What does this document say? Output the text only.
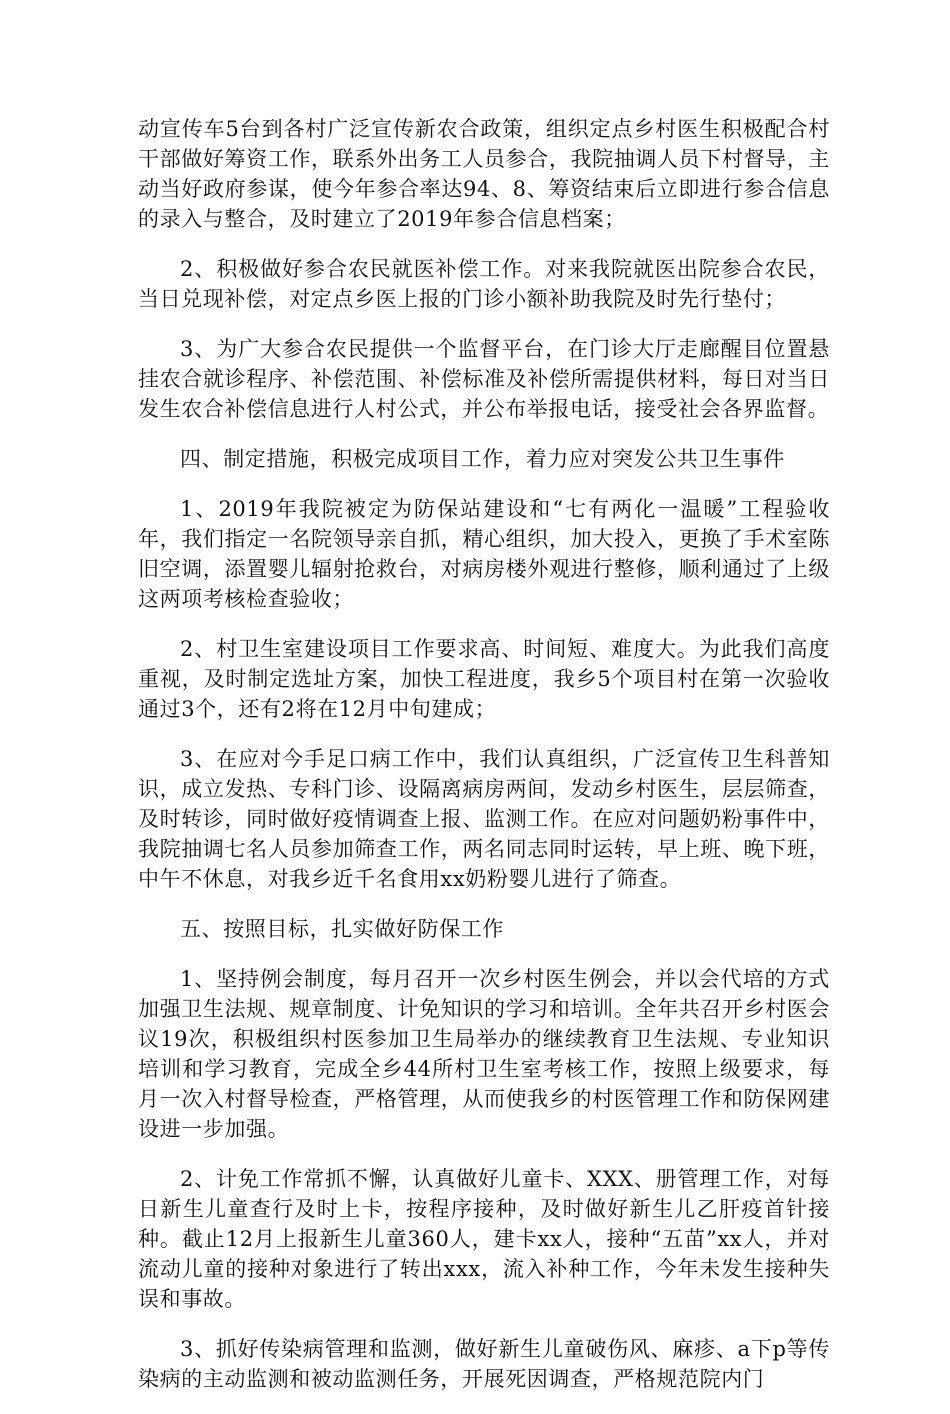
动宣传车5台到各村广泛宣传新农合政策，组织定点乡村医生积极配合村干部做好筹资工作，联系外出务工人员参合，我院抽调人员下村督导，主动当好政府参谋，使今年参合率达94、8、筹资结束后立即进行参合信息的录入与整合，及时建立了2019年参合信息档案；

2、积极做好参合农民就医补偿工作。对来我院就医出院参合农民，当日兑现补偿，对定点乡医上报的门诊小额补助我院及时先行垫付；

3、为广大参合农民提供一个监督平台，在门诊大厅走廊醒目位置悬挂农合就诊程序、补偿范围、补偿标准及补偿所需提供材料，每日对当日发生农合补偿信息进行人村公式，并公布举报电话，接受社会各界监督。

四、制定措施，积极完成项目工作，着力应对突发公共卫生事件

1、2019年我院被定为防保站建设和“七有两化一温暖”工程验收年，我们指定一名院领导亲自抓，精心组织，加大投入，更换了手术室陈旧空调，添置婴儿辐射抢救台，对病房楼外观进行整修，顺利通过了上级这两项考核检查验收；

2、村卫生室建设项目工作要求高、时间短、难度大。为此我们高度重视，及时制定选址方案，加快工程进度，我乡5个项目村在第一次验收通过3个，还有2将在12月中旬建成；

3、在应对今手足口病工作中，我们认真组织，广泛宣传卫生科普知识，成立发热、专科门诊、设隔离病房两间，发动乡村医生，层层筛查，及时转诊，同时做好疫情调查上报、监测工作。在应对问题奶粉事件中，我院抽调七名人员参加筛查工作，两名同志同时运转，早上班、晚下班，中午不休息，对我乡近千名食用xx奶粉婴儿进行了筛查。

五、按照目标，扎实做好防保工作

1、坚持例会制度，每月召开一次乡村医生例会，并以会代培的方式加强卫生法规、规章制度、计免知识的学习和培训。全年共召开乡村医会议19次，积极组织村医参加卫生局举办的继续教育卫生法规、专业知识培训和学习教育，完成全乡44所村卫生室考核工作，按照上级要求，每月一次入村督导检查，严格管理，从而使我乡的村医管理工作和防保网建设进一步加强。

2、计免工作常抓不懈，认真做好儿童卡、XXX、册管理工作，对每日新生儿童查行及时上卡，按程序接种，及时做好新生儿乙肝疫首针接种。截止12月上报新生儿童360人，建卡xx人，接种“五苗”xx人，并对流动儿童的接种对象进行了转出xxx，流入补种工作，今年未发生接种失误和事故。

3、抓好传染病管理和监测，做好新生儿童破伤风、麻疹、a下p等传染病的主动监测和被动监测任务，开展死因调查，严格规范院内门
